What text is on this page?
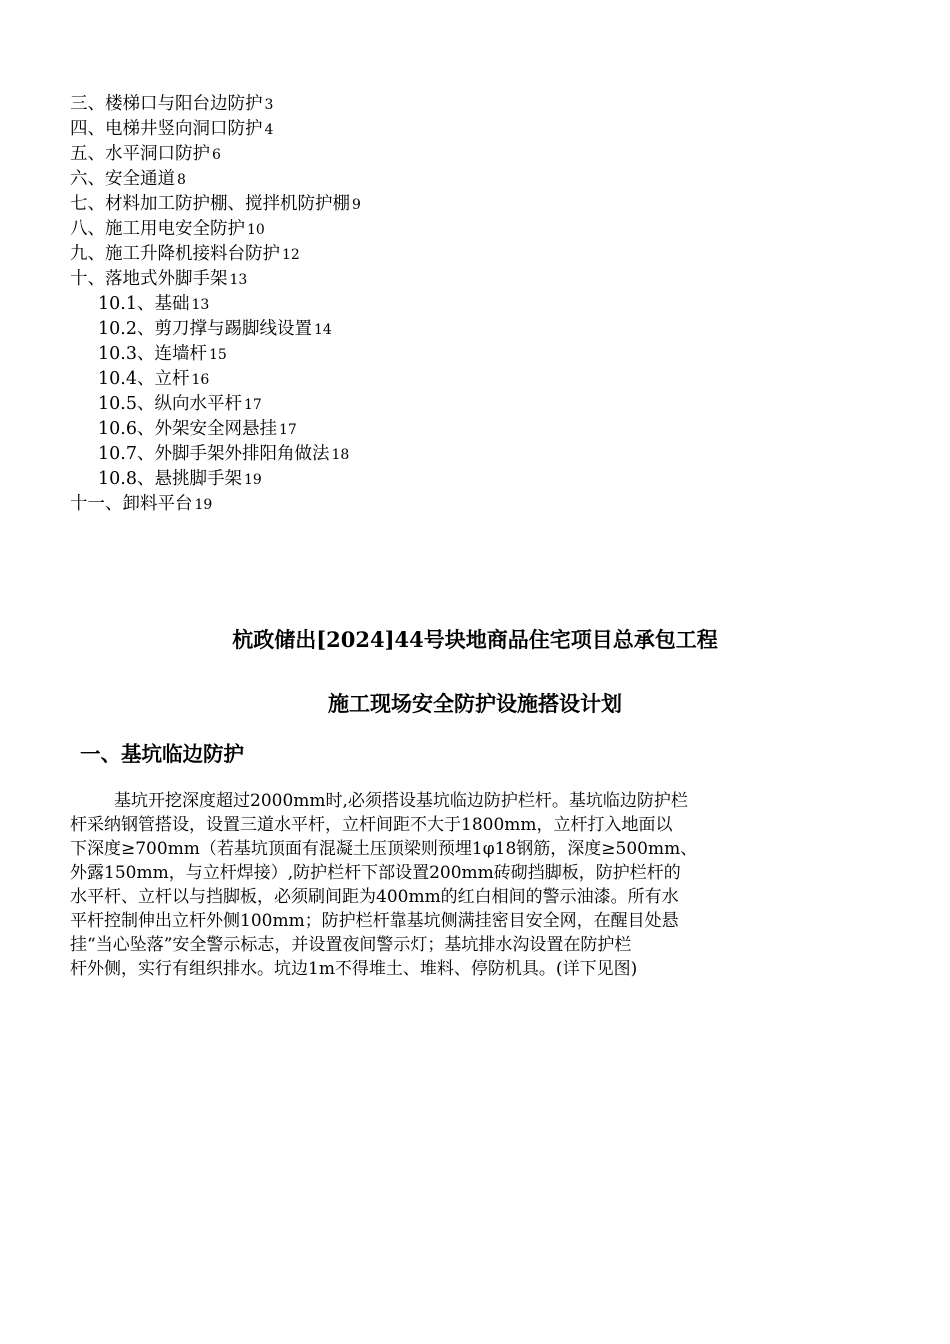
三、楼梯口与阳台边防护 3
四、电梯井竖向洞口防护 4
五、水平洞口防护 6
六、安全通道 8
七、材料加工防护棚、搅拌机防护棚 9
八、施工用电安全防护 10
九、施工升降机接料台防护 12
十、落地式外脚手架 13
10.1、基础 13
10.2、剪刀撑与踢脚线设置 14
10.3、连墙杆 15
10.4、立杆 16
10.5、纵向水平杆 17
10.6、外架安全网悬挂 17
10.7、外脚手架外排阳角做法 18
10.8、悬挑脚手架 19
十一、卸料平台 19
杭政储出[2024]44号块地商品住宅项目总承包工程
施工现场安全防护设施搭设计划
一、基坑临边防护
基坑开挖深度超过2000mm时,必须搭设基坑临边防护栏杆。基坑临边防护栏
杆采纳钢管搭设，设置三道水平杆，立杆间距不大于1800mm，立杆打入地面以
下深度≥700mm（若基坑顶面有混凝土压顶梁则预埋1φ18钢筋，深度≥500mm、
外露150mm，与立杆焊接）,防护栏杆下部设置200mm砖砌挡脚板，防护栏杆的
水平杆、立杆以与挡脚板，必须刷间距为400mm的红白相间的警示油漆。所有水
平杆控制伸出立杆外侧100mm；防护栏杆靠基坑侧满挂密目安全网，在醒目处悬
挂“当心坠落”安全警示标志，并设置夜间警示灯；基坑排水沟设置在防护栏
杆外侧，实行有组织排水。坑边1m不得堆土、堆料、停防机具。(详下见图)
